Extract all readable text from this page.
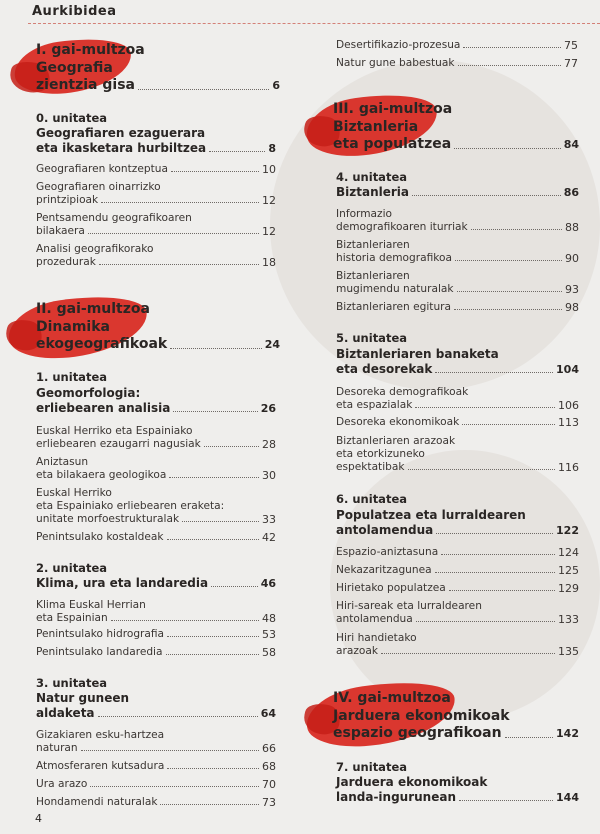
Aurkibidea
I. gai-multzoa
Geografia
zientzia gisa	6
0. unitatea
Geografiaren ezaguerara
eta ikasketara hurbiltzea	8
Geografiaren kontzeptua	10
Geografiaren oinarrizko
printzipioak	12
Pentsamendu geografikoaren
bilakaera	12
Analisi geografikorako
prozedurak	18
II. gai-multzoa
Dinamika
ekogeografikoak	24
1. unitatea
Geomorfologia:
erliebearen analisia	26
Euskal Herriko eta Espainiako
erliebearen ezaugarri nagusiak	28
Aniztasun
eta bilakaera geologikoa	30
Euskal Herriko
eta Espainiako erliebearen eraketa:
unitate morfoestrukturalak	33
Penintsulako kostaldeak	42
2. unitatea
Klima, ura eta landaredia	46
Klima Euskal Herrian
eta Espainian	48
Penintsulako hidrografia	53
Penintsulako landaredia	58
3. unitatea
Natur guneen
aldaketa	64
Gizakiaren esku-hartzea
naturan	66
Atmosferaren kutsadura	68
Ura arazo	70
Hondamendi naturalak	73
Desertifikazio-prozesua	75
Natur gune babestuak	77
III. gai-multzoa
Biztanleria
eta populatzea	84
4. unitatea
Biztanleria	86
Informazio
demografikoaren iturriak	88
Biztanleriaren
historia demografikoa	90
Biztanleriaren
mugimendu naturalak	93
Biztanleriaren egitura	98
5. unitatea
Biztanleriaren banaketa
eta desorekak	104
Desoreka demografikoak
eta espazialak	106
Desoreka ekonomikoak	113
Biztanleriaren arazoak
eta etorkizuneko
espektatibak	116
6. unitatea
Populatzea eta lurraldearen
antolamendua	122
Espazio-aniztasuna	124
Nekazaritzagunea	125
Hirietako populatzea	129
Hiri-sareak eta lurraldearen
antolamendua	133
Hiri handietako
arazoak	135
IV. gai-multzoa
Jarduera ekonomikoak
espazio geografikoan	142
7. unitatea
Jarduera ekonomikoak
landa-ingurunean	144
4
